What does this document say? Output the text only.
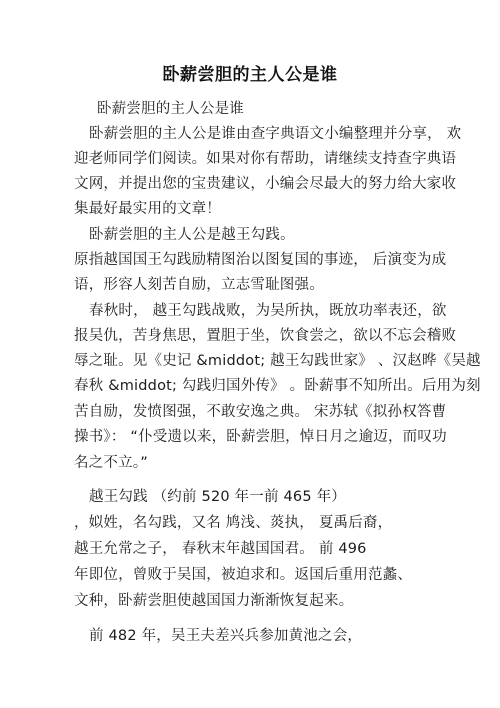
卧薪尝胆的主人公是谁
卧薪尝胆的主人公是谁
卧薪尝胆的主人公是谁由查字典语文小编整理并分享， 欢
迎老师同学们阅读。如果对你有帮助，请继续支持查字典语
文网，并提出您的宝贵建议，小编会尽最大的努力给大家收
集最好最实用的文章！
卧薪尝胆的主人公是越王勾践。
原指越国国王勾践励精图治以图复国的事迹， 后演变为成
语，形容人刻苦自励，立志雪耻图强。
春秋时， 越王勾践战败，为吴所执，既放功率表还，欲
报吴仇，苦身焦思，置胆于坐，饮食尝之，欲以不忘会稽败
辱之耻。见《史记 &middot; 越王勾践世家》 、汉赵晔《吴越
春秋 &middot; 勾践归国外传》 。卧薪事不知所出。后用为刻
苦自励，发愤图强，不敢安逸之典。 宋苏轼《拟孙权答曹
操书》： “仆受遗以来，卧薪尝胆，悼日月之逾迈，而叹功
名之不立。”
越王勾践 （约前 520 年一前 465 年）
，姒姓，名勾践，又名 鸠浅、菼执， 夏禹后裔，
越王允常之子， 春秋末年越国国君。 前 496
年即位，曾败于吴国，被迫求和。返国后重用范蠡、
文种，卧薪尝胆使越国国力渐渐恢复起来。
前 482 年，吴王夫差兴兵参加黄池之会，
